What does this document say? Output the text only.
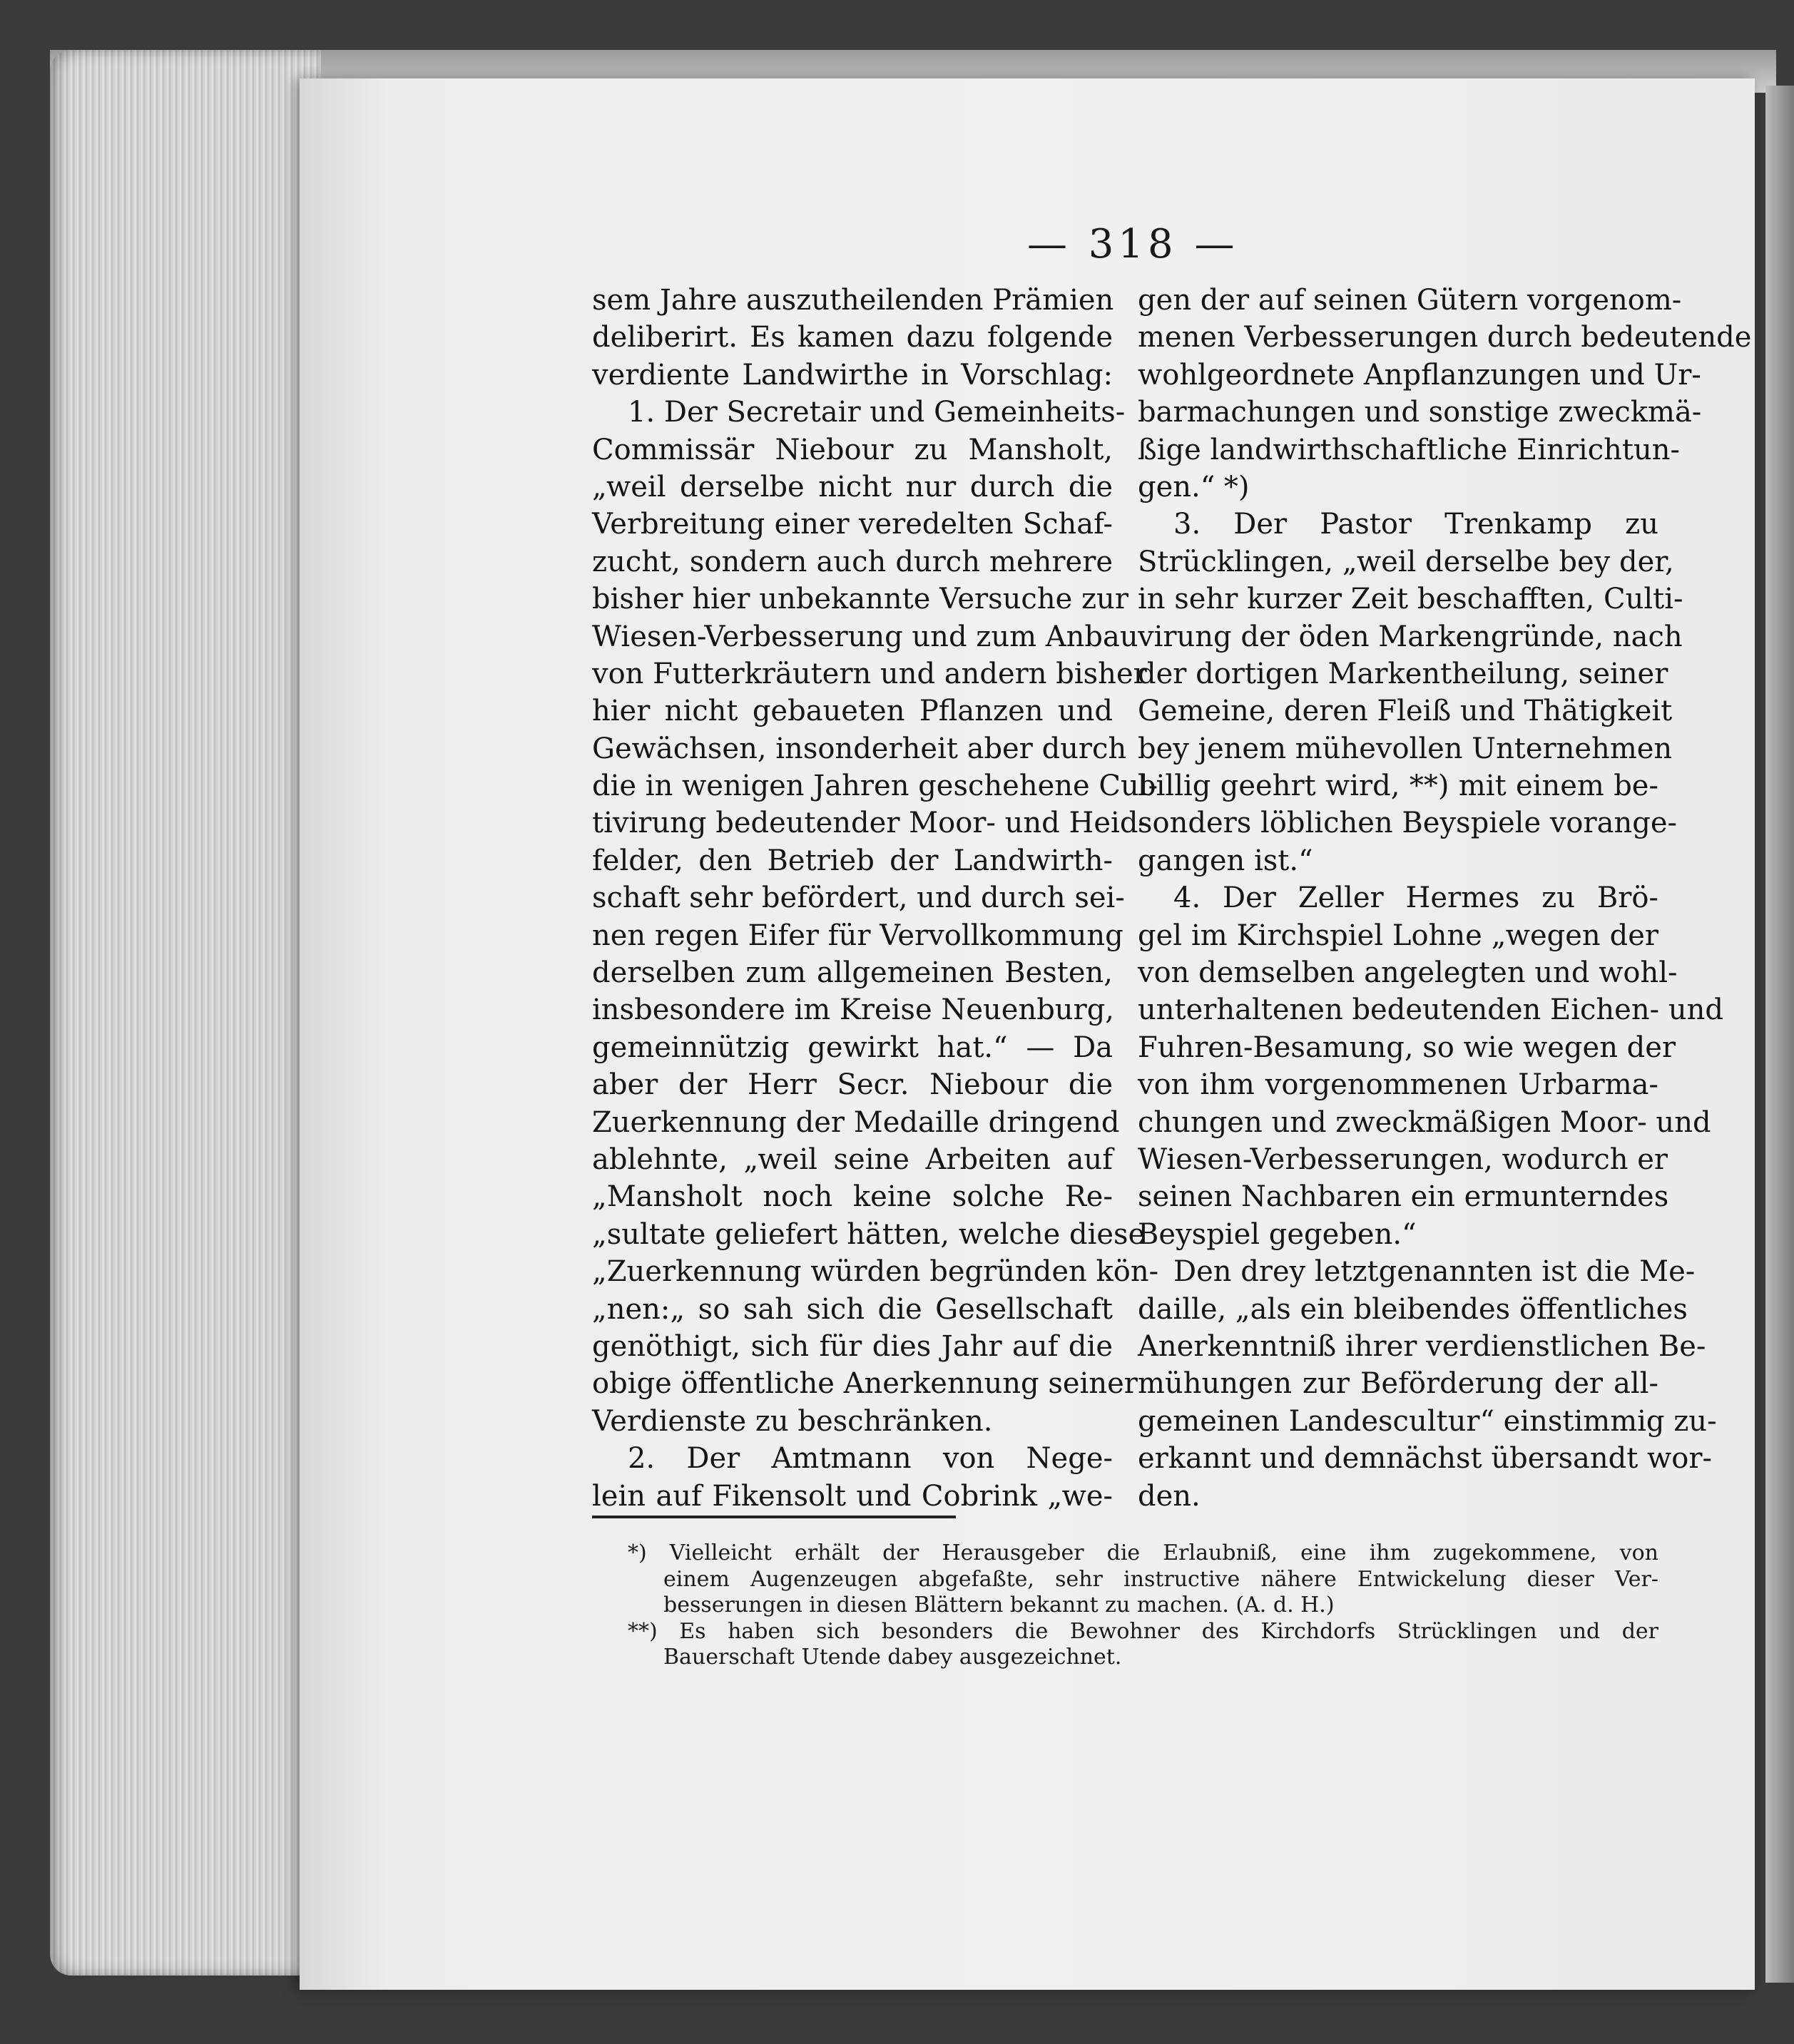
— 318 —
sem Jahre auszutheilenden Prämien
deliberirt. Es kamen dazu folgende
verdiente Landwirthe in Vorschlag:
1. Der Secretair und Gemeinheits-
Commissär Niebour zu Mansholt,
„weil derselbe nicht nur durch die
Verbreitung einer veredelten Schaf-
zucht, sondern auch durch mehrere
bisher hier unbekannte Versuche zur
Wiesen-Verbesserung und zum Anbau
von Futterkräutern und andern bisher
hier nicht gebaueten Pflanzen und
Gewächsen, insonderheit aber durch
die in wenigen Jahren geschehene Cul-
tivirung bedeutender Moor- und Heid-
felder, den Betrieb der Landwirth-
schaft sehr befördert, und durch sei-
nen regen Eifer für Vervollkommung
derselben zum allgemeinen Besten,
insbesondere im Kreise Neuenburg,
gemeinnützig gewirkt hat.“ — Da
aber der Herr Secr. Niebour die
Zuerkennung der Medaille dringend
ablehnte, „weil seine Arbeiten auf
„Mansholt noch keine solche Re-
„sultate geliefert hätten, welche diese
„Zuerkennung würden begründen kön-
„nen:„ so sah sich die Gesellschaft
genöthigt, sich für dies Jahr auf die
obige öffentliche Anerkennung seiner
Verdienste zu beschränken.
2. Der Amtmann von Nege-
lein auf Fikensolt und Cobrink „we-
gen der auf seinen Gütern vorgenom-
menen Verbesserungen durch bedeutende
wohlgeordnete Anpflanzungen und Ur-
barmachungen und sonstige zweckmä-
ßige landwirthschaftliche Einrichtun-
gen.“ *)
3. Der Pastor Trenkamp zu
Strücklingen, „weil derselbe bey der,
in sehr kurzer Zeit beschafften, Culti-
virung der öden Markengründe, nach
der dortigen Markentheilung, seiner
Gemeine, deren Fleiß und Thätigkeit
bey jenem mühevollen Unternehmen
billig geehrt wird, **) mit einem be-
sonders löblichen Beyspiele vorange-
gangen ist.“
4. Der Zeller Hermes zu Brö-
gel im Kirchspiel Lohne „wegen der
von demselben angelegten und wohl-
unterhaltenen bedeutenden Eichen- und
Fuhren-Besamung, so wie wegen der
von ihm vorgenommenen Urbarma-
chungen und zweckmäßigen Moor- und
Wiesen-Verbesserungen, wodurch er
seinen Nachbaren ein ermunterndes
Beyspiel gegeben.“
Den drey letztgenannten ist die Me-
daille, „als ein bleibendes öffentliches
Anerkenntniß ihrer verdienstlichen Be-
mühungen zur Beförderung der all-
gemeinen Landescultur“ einstimmig zu-
erkannt und demnächst übersandt wor-
den.
*) Vielleicht erhält der Herausgeber die Erlaubniß, eine ihm zugekommene, von
einem Augenzeugen abgefaßte, sehr instructive nähere Entwickelung dieser Ver-
besserungen in diesen Blättern bekannt zu machen. (A. d. H.)
**) Es haben sich besonders die Bewohner des Kirchdorfs Strücklingen und der
Bauerschaft Utende dabey ausgezeichnet.
